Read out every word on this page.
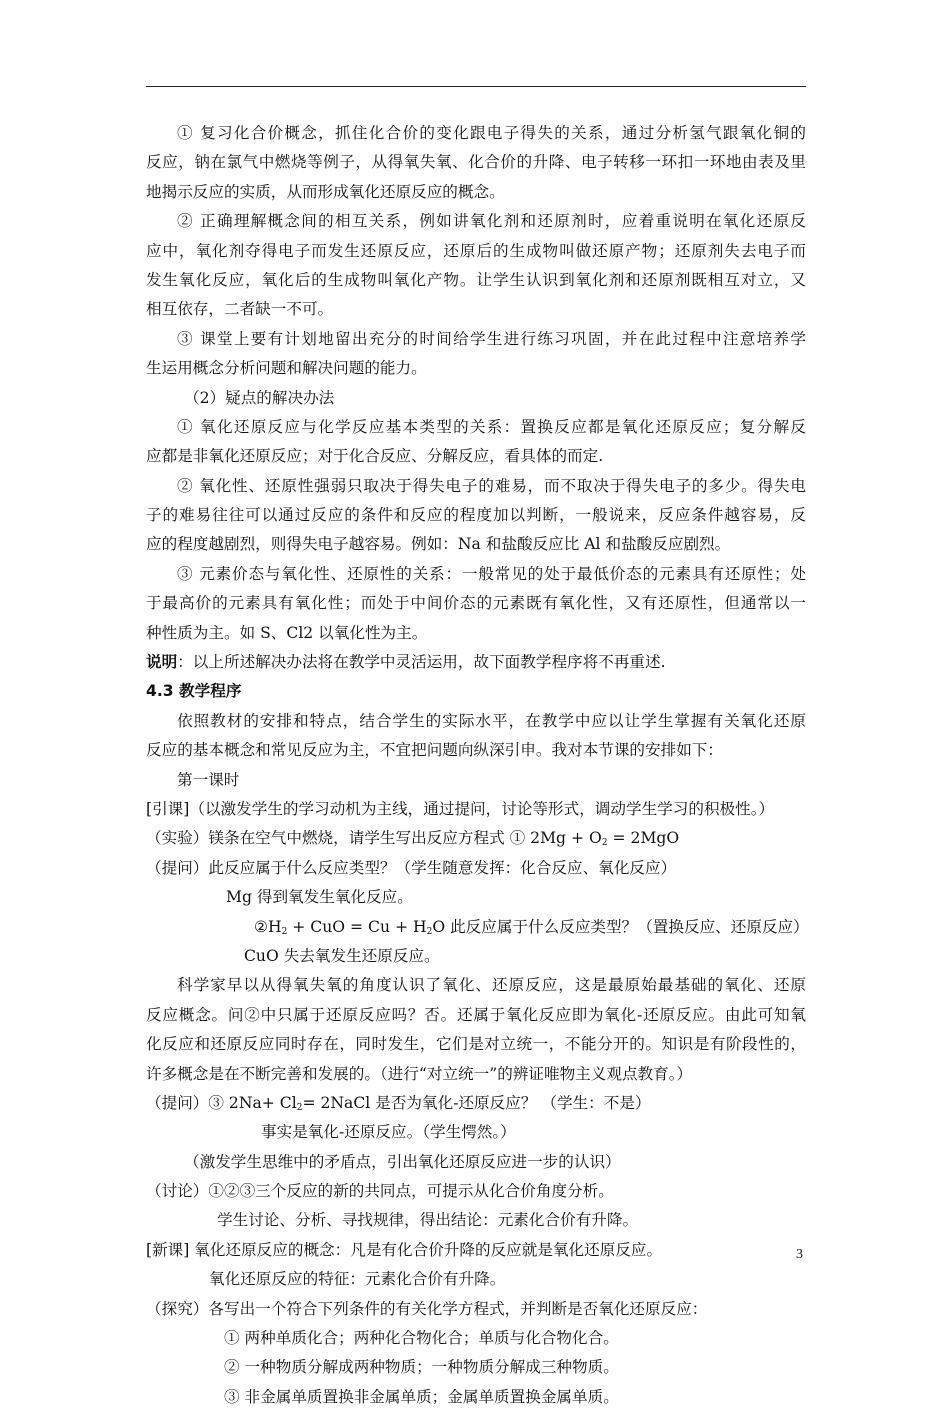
① 复习化合价概念，抓住化合价的变化跟电子得失的关系，通过分析氢气跟氧化铜的
反应，钠在氯气中燃烧等例子，从得氧失氧、化合价的升降、电子转移一环扣一环地由表及里
地揭示反应的实质，从而形成氧化还原反应的概念。
② 正确理解概念间的相互关系，例如讲氧化剂和还原剂时，应着重说明在氧化还原反
应中，氧化剂夺得电子而发生还原反应，还原后的生成物叫做还原产物；还原剂失去电子而
发生氧化反应，氧化后的生成物叫氧化产物。让学生认识到氧化剂和还原剂既相互对立，又
相互依存，二者缺一不可。
③ 课堂上要有计划地留出充分的时间给学生进行练习巩固，并在此过程中注意培养学
生运用概念分析问题和解决问题的能力。
（2）疑点的解决办法
① 氧化还原反应与化学反应基本类型的关系：置换反应都是氧化还原反应；复分解反
应都是非氧化还原反应；对于化合反应、分解反应，看具体的而定.
② 氧化性、还原性强弱只取决于得失电子的难易，而不取决于得失电子的多少。得失电
子的难易往往可以通过反应的条件和反应的程度加以判断，一般说来，反应条件越容易，反
应的程度越剧烈，则得失电子越容易。例如：Na 和盐酸反应比 Al 和盐酸反应剧烈。
③ 元素价态与氧化性、还原性的关系：一般常见的处于最低价态的元素具有还原性；处
于最高价的元素具有氧化性；而处于中间价态的元素既有氧化性，又有还原性，但通常以一
种性质为主。如 S、Cl2 以氧化性为主。
说明：以上所述解决办法将在教学中灵活运用，故下面教学程序将不再重述.
4.3 教学程序
依照教材的安排和特点，结合学生的实际水平，在教学中应以让学生掌握有关氧化还原
反应的基本概念和常见反应为主，不宜把问题向纵深引申。我对本节课的安排如下：
第一课时
[引课]（以激发学生的学习动机为主线，通过提问，讨论等形式，调动学生学习的积极性。）
（实验）镁条在空气中燃烧，请学生写出反应方程式 ① $2Mg + O_2 = 2MgO$
（提问）此反应属于什么反应类型？（学生随意发挥：化合反应、氧化反应）
Mg 得到氧发生氧化反应。
$②H_2$ + CuO = $Cu + H_2O$ 此反应属于什么反应类型？（置换反应、还原反应）
CuO 失去氧发生还原反应。
科学家早以从得氧失氧的角度认识了氧化、还原反应，这是最原始最基础的氧化、还原
反应概念。问②中只属于还原反应吗？否。还属于氧化反应即为氧化-还原反应。由此可知氧
化反应和还原反应同时存在，同时发生，它们是对立统一，不能分开的。知识是有阶段性的，
许多概念是在不断完善和发展的。（进行“对立统一”的辨证唯物主义观点教育。）
（提问）③ $2Na+ Cl_2=$ 2NaCl 是否为氧化-还原反应？ （学生：不是）
事实是氧化-还原反应。（学生愕然。）
（激发学生思维中的矛盾点，引出氧化还原反应进一步的认识）
（讨论）①②③三个反应的新的共同点，可提示从化合价角度分析。
学生讨论、分析、寻找规律，得出结论：元素化合价有升降。
[新课] 氧化还原反应的概念：凡是有化合价升降的反应就是氧化还原反应。
氧化还原反应的特征：元素化合价有升降。
（探究）各写出一个符合下列条件的有关化学方程式，并判断是否氧化还原反应：
① 两种单质化合；两种化合物化合；单质与化合物化合。
② 一种物质分解成两种物质；一种物质分解成三种物质。
③ 非金属单质置换非金属单质；金属单质置换金属单质。
3
